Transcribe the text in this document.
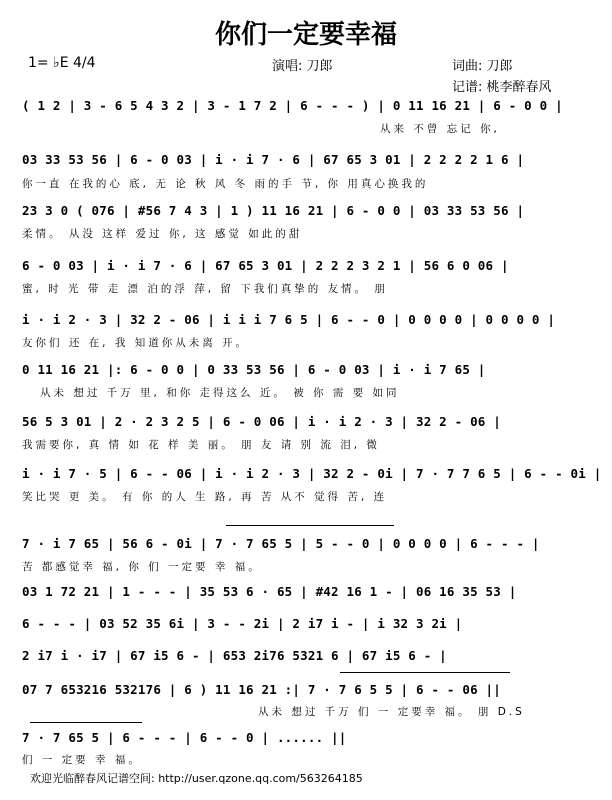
你们一定要幸福
1= ♭E 4/4	演唱: 刀郎	词曲: 刀郎
记谱: 桃李醉春风
( 1 2 | 3 - 6 5 4 3 2 | 3 - 1 7 2 | 6 - - - ) | 0 11 16 21 | 6 - 0 0 |
从来 不曾 忘记 你,
03 33 53 56 | 6 - 0 03 | i · i 7 · 6 | 67 65 3 01 | 2 2 2 2 1 6 |
你一直 在我的心 底, 无 论 秋 风 冬 雨的手 节, 你 用真心换我的
23 3 0 ( 076 | #56 7 4 3 | 1 ) 11 16 21 | 6 - 0 0 | 03 33 53 56 |
柔情。 从没 这样 爱过 你, 这 感觉 如此的甜
6 - 0 03 | i · i 7 · 6 | 67 65 3 01 | 2 2 2 3 2 1 | 56 6 0 06 |
蜜, 时 光 带 走 漂 泊的浮 萍, 留 下我们真挚的 友情。 朋
i · i 2 · 3 | 32 2 - 06 | i i i 7 6 5 | 6 - - 0 | 0 0 0 0 | 0 0 0 0 |
友你们 还 在, 我 知道你从未离 开。
0 11 16 21 |: 6 - 0 0 | 0 33 53 56 | 6 - 0 03 | i · i 7 65 |
从未 想过 千万 里, 和你 走得这么 近。 被 你 需 要 如同
56 5 3 01 | 2 · 2 3 2 5 | 6 - 0 06 | i · i 2 · 3 | 32 2 - 06 |
我需要你, 真 情 如 花 样 美 丽。 朋 友 请 别 流 泪, 微
i · i 7 · 5 | 6 - - 06 | i · i 2 · 3 | 32 2 - 0i | 7 · 7 7 6 5 | 6 - - 0i |
笑比哭 更 美。 有 你 的人 生 路, 再 苦 从不 觉得 苦, 连
7 · i 7 65 | 56 6 - 0i | 7 · 7 65 5 | 5 - - 0 | 0 0 0 0 | 6 - - - |
苦 都感觉幸 福, 你 们 一定要 幸 福。
03 1 72 21 | 1 - - - | 35 53 6 · 65 | #42 16 1 - | 06 16 35 53 |
6 - - - | 03 52 35 6i | 3 - - 2i | 2 i7 i - | i 32 3 2i |
2 i7 i · i7 | 67 i5 6 - | 653 2i76 5321 6 | 67 i5 6 - |
07 7 653216 532176 | 6 ) 11 16 21 :| 7 · 7 6 5 5 | 6 - - 06 ||
从未 想过 千万 们 一 定要幸 福。 朋 D.S
7 · 7 65 5 | 6 - - - | 6 - - 0 | ...... ||
们 一 定要 幸 福。
欢迎光临醉春风记谱空间: http://user.qzone.qq.com/563264185
